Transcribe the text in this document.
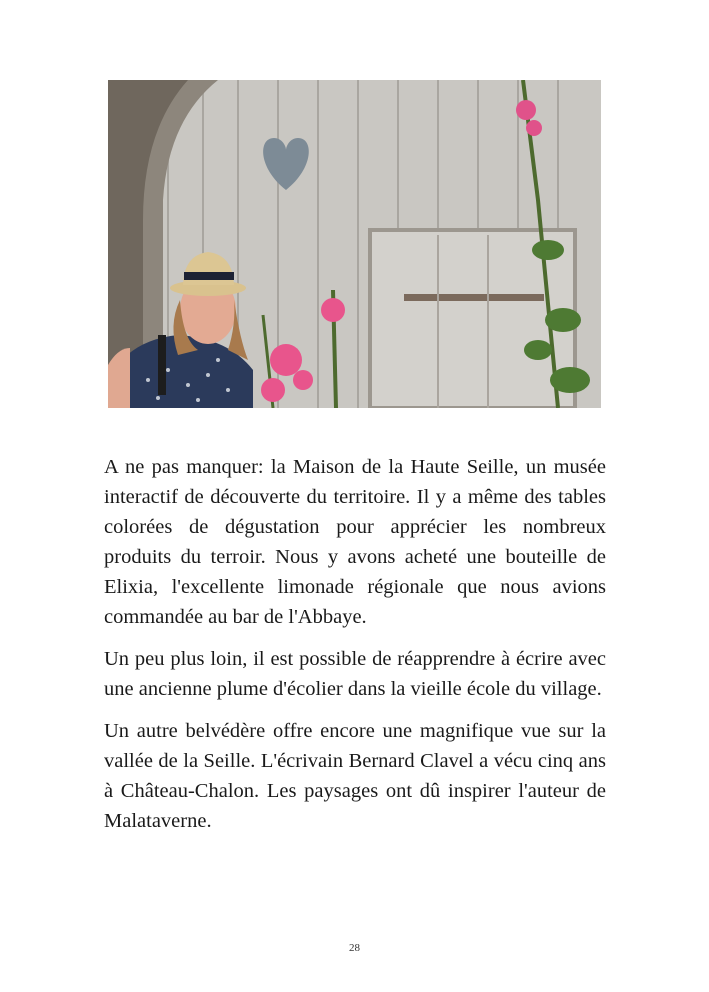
A ne pas manquer: la Maison de la Haute Seille, un musée interactif de découverte du territoire. Il y a même des tables colorées de dégustation pour apprécier les nombreux produits du terroir. Nous y avons acheté une bouteille de Elixia, l'excellente limonade régionale que nous avions commandée au bar de l'Abbaye.

Un peu plus loin, il est possible de réapprendre à écrire avec une ancienne plume d'écolier dans la vieille école du village.

Un autre belvédère offre encore une magnifique vue sur la vallée de la Seille. L'écrivain Bernard Clavel a vécu cinq ans à Château-Chalon. Les paysages ont dû inspirer l'auteur de Malataverne.

28
